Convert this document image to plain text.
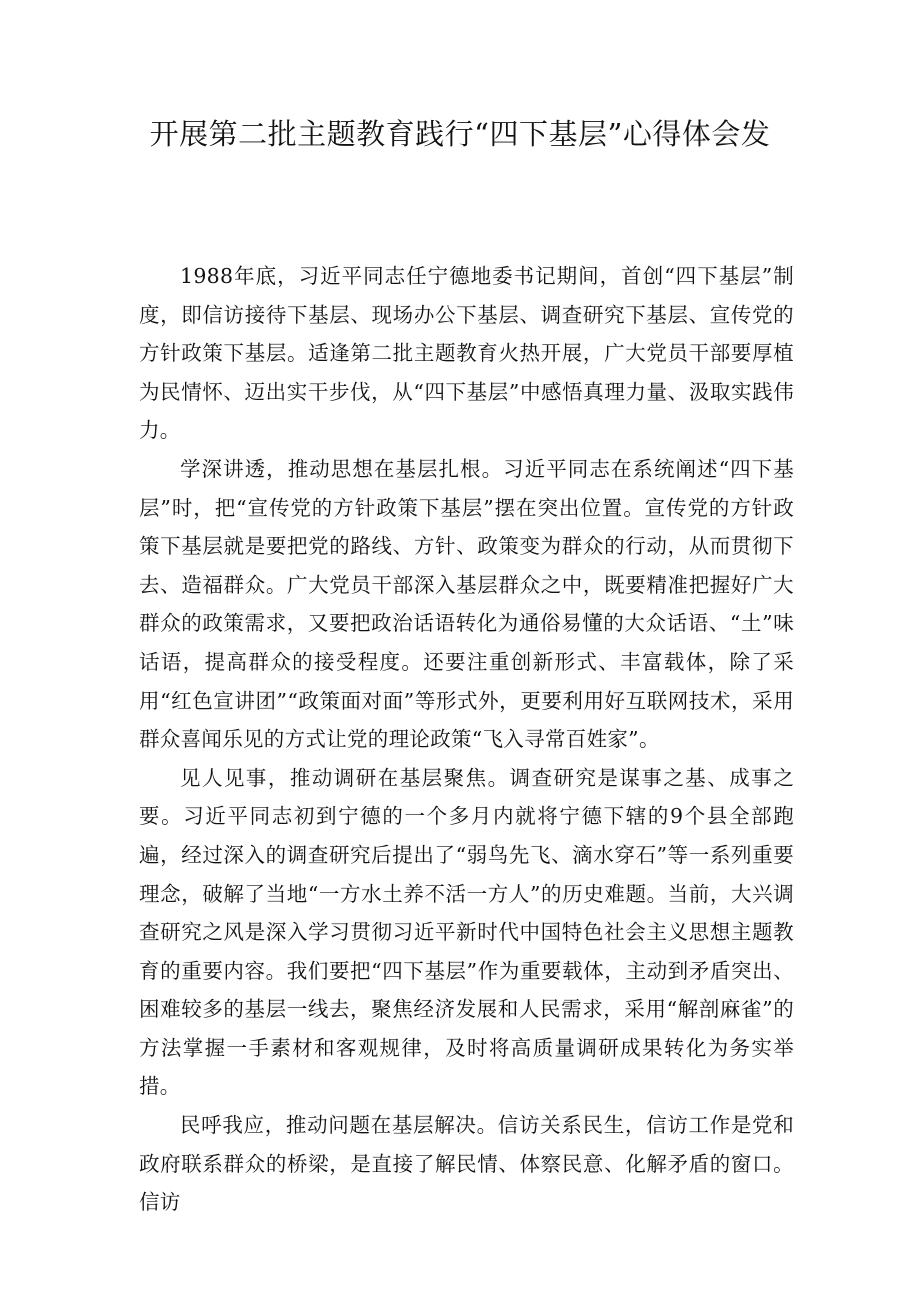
开展第二批主题教育践行“四下基层”心得体会发

1988年底，习近平同志任宁德地委书记期间，首创“四下基层”制度，即信访接待下基层、现场办公下基层、调查研究下基层、宣传党的方针政策下基层。适逢第二批主题教育火热开展，广大党员干部要厚植为民情怀、迈出实干步伐，从“四下基层”中感悟真理力量、汲取实践伟力。

学深讲透，推动思想在基层扎根。习近平同志在系统阐述“四下基层”时，把“宣传党的方针政策下基层”摆在突出位置。宣传党的方针政策下基层就是要把党的路线、方针、政策变为群众的行动，从而贯彻下去、造福群众。广大党员干部深入基层群众之中，既要精准把握好广大群众的政策需求，又要把政治话语转化为通俗易懂的大众话语、“土”味话语，提高群众的接受程度。还要注重创新形式、丰富载体，除了采用“红色宣讲团”“政策面对面”等形式外，更要利用好互联网技术，采用群众喜闻乐见的方式让党的理论政策“飞入寻常百姓家”。

见人见事，推动调研在基层聚焦。调查研究是谋事之基、成事之要。习近平同志初到宁德的一个多月内就将宁德下辖的9个县全部跑遍，经过深入的调查研究后提出了“弱鸟先飞、滴水穿石”等一系列重要理念，破解了当地“一方水土养不活一方人”的历史难题。当前，大兴调查研究之风是深入学习贯彻习近平新时代中国特色社会主义思想主题教育的重要内容。我们要把“四下基层”作为重要载体，主动到矛盾突出、困难较多的基层一线去，聚焦经济发展和人民需求，采用“解剖麻雀”的方法掌握一手素材和客观规律，及时将高质量调研成果转化为务实举措。

民呼我应，推动问题在基层解决。信访关系民生，信访工作是党和政府联系群众的桥梁，是直接了解民情、体察民意、化解矛盾的窗口。信访
